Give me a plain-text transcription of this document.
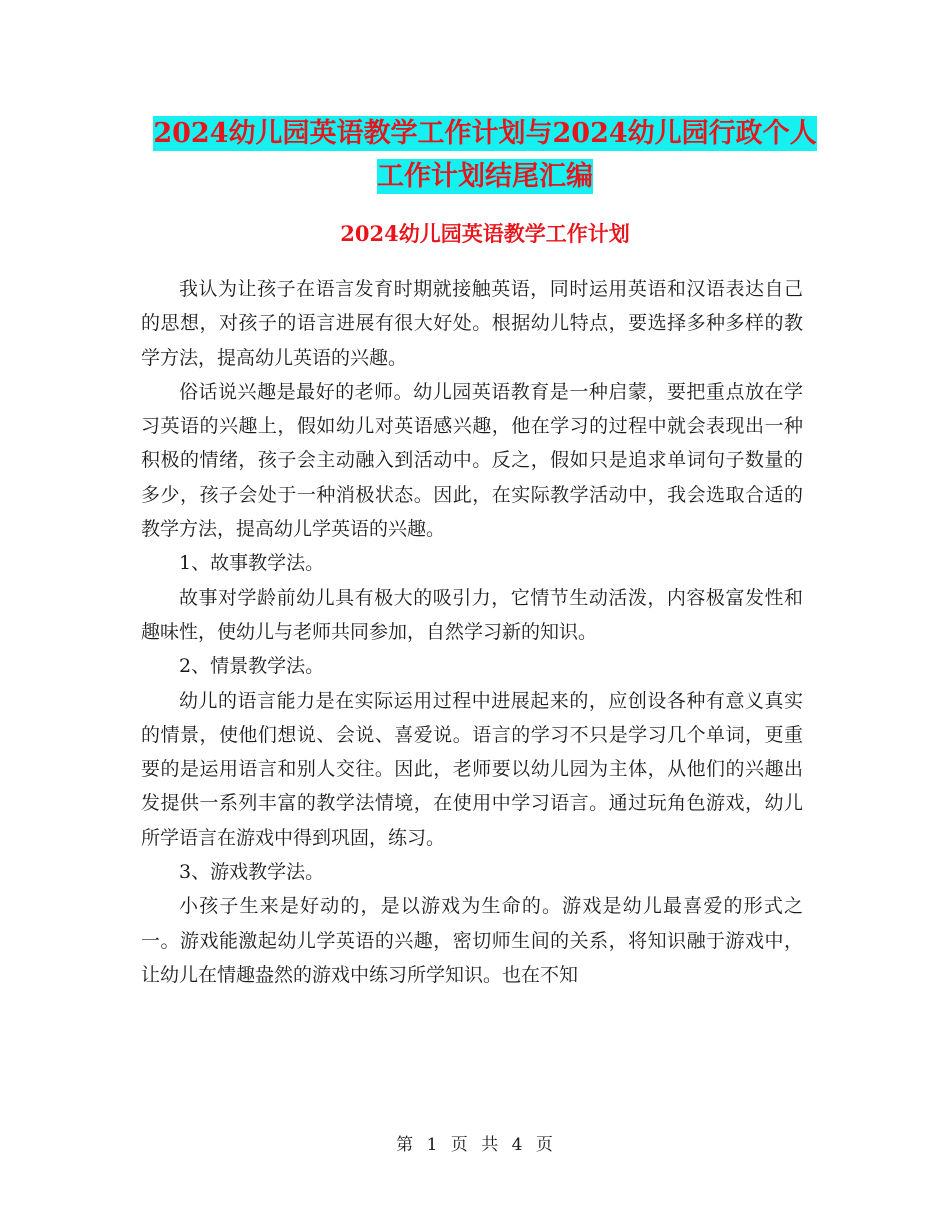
2024幼儿园英语教学工作计划与2024幼儿园行政个人
工作计划结尾汇编
2024幼儿园英语教学工作计划

我认为让孩子在语言发育时期就接触英语，同时运用英语和汉语表达自己的思想，对孩子的语言进展有很大好处。根据幼儿特点，要选择多种多样的教学方法，提高幼儿英语的兴趣。

俗话说兴趣是最好的老师。幼儿园英语教育是一种启蒙，要把重点放在学习英语的兴趣上，假如幼儿对英语感兴趣，他在学习的过程中就会表现出一种积极的情绪，孩子会主动融入到活动中。反之，假如只是追求单词句子数量的多少，孩子会处于一种消极状态。因此，在实际教学活动中，我会选取合适的教学方法，提高幼儿学英语的兴趣。

1、故事教学法。

故事对学龄前幼儿具有极大的吸引力，它情节生动活泼，内容极富发性和趣味性，使幼儿与老师共同参加，自然学习新的知识。

2、情景教学法。

幼儿的语言能力是在实际运用过程中进展起来的，应创设各种有意义真实的情景，使他们想说、会说、喜爱说。语言的学习不只是学习几个单词，更重要的是运用语言和别人交往。因此，老师要以幼儿园为主体，从他们的兴趣出发提供一系列丰富的教学法情境，在使用中学习语言。通过玩角色游戏，幼儿所学语言在游戏中得到巩固，练习。

3、游戏教学法。

小孩子生来是好动的，是以游戏为生命的。游戏是幼儿最喜爱的形式之一。游戏能激起幼儿学英语的兴趣，密切师生间的关系，将知识融于游戏中，让幼儿在情趣盎然的游戏中练习所学知识。也在不知

第 1 页 共 4 页
